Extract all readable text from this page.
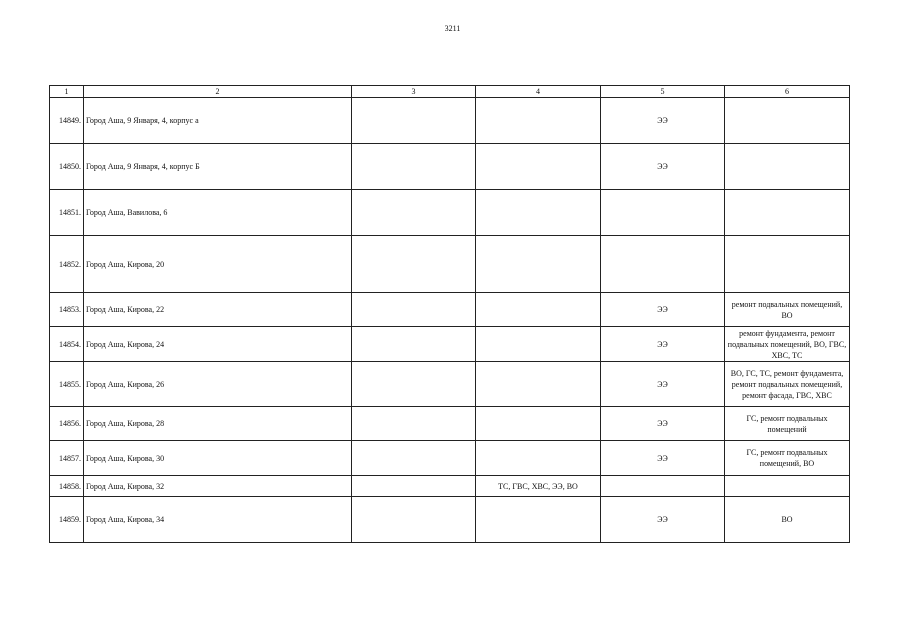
3211
1	2	3	4	5	6
14849.	Город Аша, 9 Января, 4, корпус а			ЭЭ	
14850.	Город Аша, 9 Января, 4, корпус Б			ЭЭ	
14851.	Город Аша, Вавилова, 6				
14852.	Город Аша, Кирова, 20				
14853.	Город Аша, Кирова, 22			ЭЭ	ремонт подвальных помещений, ВО
14854.	Город Аша, Кирова, 24			ЭЭ	ремонт фундамента, ремонт подвальных помещений, ВО, ГВС, ХВС, ТС
14855.	Город Аша, Кирова, 26			ЭЭ	ВО, ГС, ТС, ремонт фундамента, ремонт подвальных помещений, ремонт фасада, ГВС, ХВС
14856.	Город Аша, Кирова, 28			ЭЭ	ГС, ремонт подвальных помещений
14857.	Город Аша, Кирова, 30			ЭЭ	ГС, ремонт подвальных помещений, ВО
14858.	Город Аша, Кирова, 32		ТС, ГВС, ХВС, ЭЭ, ВО		
14859.	Город Аша, Кирова, 34			ЭЭ	ВО
